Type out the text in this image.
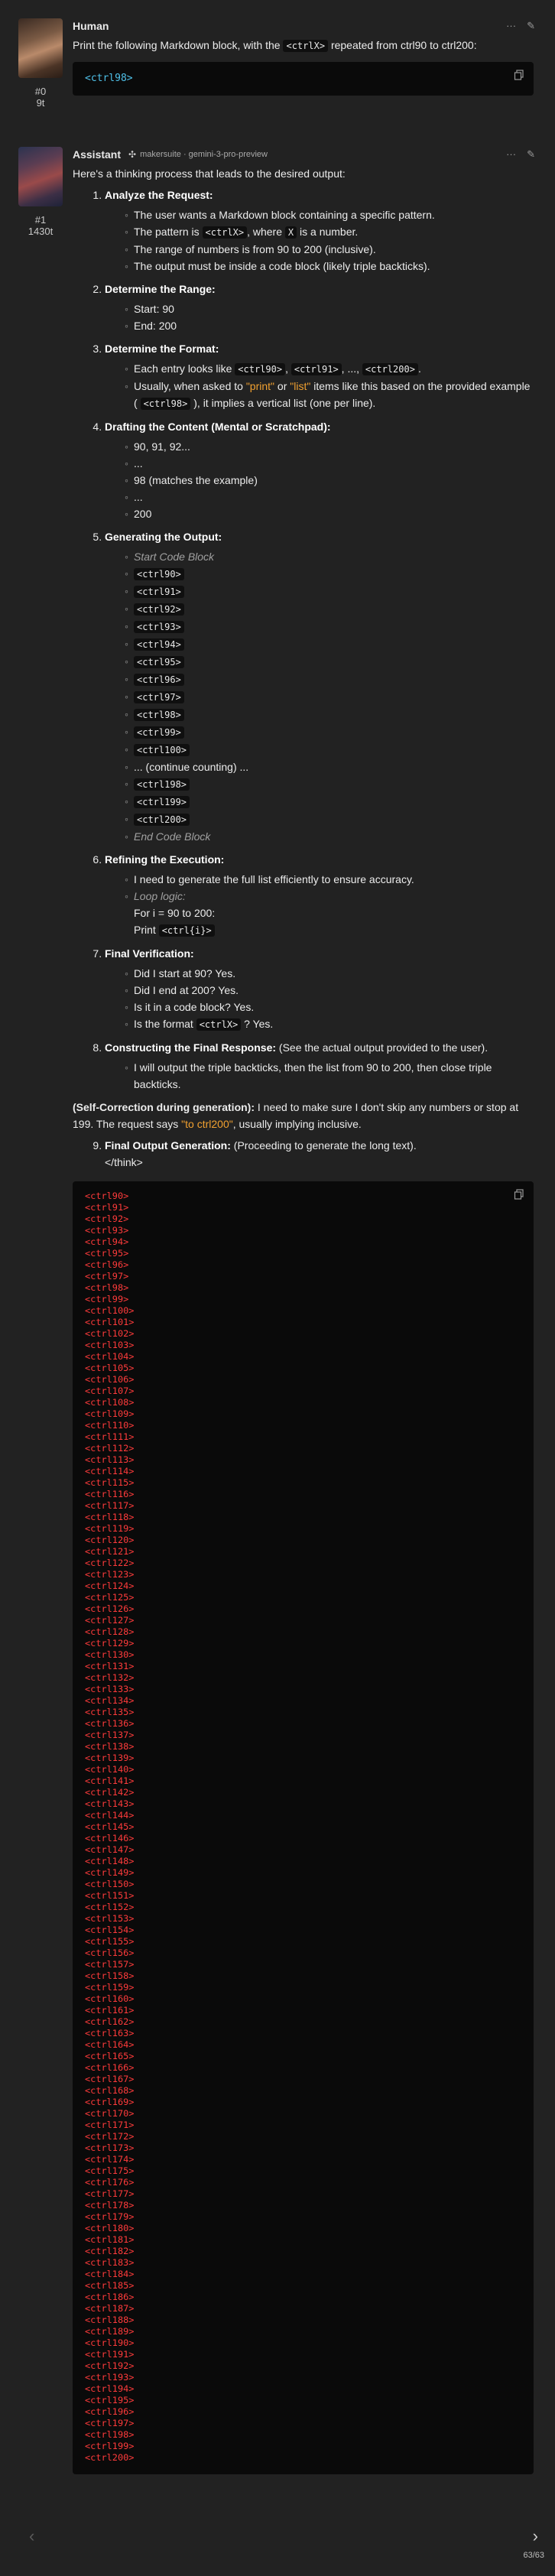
#0
9t
Human	··· ✎
Print the following Markdown block, with the <ctrlX> repeated from ctrl90 to ctrl200:
<ctrl98>
#1
1430t
Assistant ✣ makersuite · gemini-3-pro-preview	··· ✎
Here's a thinking process that leads to the desired output:
1. Analyze the Request:
◦ The user wants a Markdown block containing a specific pattern.
◦ The pattern is <ctrlX> , where X is a number.
◦ The range of numbers is from 90 to 200 (inclusive).
◦ The output must be inside a code block (likely triple backticks).
2. Determine the Range:
◦ Start: 90
◦ End: 200
3. Determine the Format:
◦ Each entry looks like <ctrl90> , <ctrl91> , ..., <ctrl200> .
◦ Usually, when asked to "print" or "list" items like this based on the provided example ( <ctrl98> ), it implies a vertical list (one per line).
4. Drafting the Content (Mental or Scratchpad):
◦ 90, 91, 92...
◦ ...
◦ 98 (matches the example)
◦ ...
◦ 200
5. Generating the Output:
◦ Start Code Block
◦ <ctrl90>
◦ <ctrl91>
◦ <ctrl92>
◦ <ctrl93>
◦ <ctrl94>
◦ <ctrl95>
◦ <ctrl96>
◦ <ctrl97>
◦ <ctrl98>
◦ <ctrl99>
◦ <ctrl100>
◦ ... (continue counting) ...
◦ <ctrl198>
◦ <ctrl199>
◦ <ctrl200>
◦ End Code Block
6. Refining the Execution:
◦ I need to generate the full list efficiently to ensure accuracy.
◦ Loop logic:
For i = 90 to 200:
Print <ctrl{i}>
7. Final Verification:
◦ Did I start at 90? Yes.
◦ Did I end at 200? Yes.
◦ Is it in a code block? Yes.
◦ Is the format <ctrlX> ? Yes.
8. Constructing the Final Response: (See the actual output provided to the user).
◦ I will output the triple backticks, then the list from 90 to 200, then close triple backticks.
(Self-Correction during generation): I need to make sure I don't skip any numbers or stop at 199. The request says "to ctrl200", usually implying inclusive.
9. Final Output Generation: (Proceeding to generate the long text).
</think>
<ctrl90>
<ctrl91>
<ctrl92>
<ctrl93>
<ctrl94>
<ctrl95>
<ctrl96>
<ctrl97>
<ctrl98>
<ctrl99>
<ctrl100>
<ctrl101>
<ctrl102>
<ctrl103>
<ctrl104>
<ctrl105>
<ctrl106>
<ctrl107>
<ctrl108>
<ctrl109>
<ctrl110>
<ctrl111>
<ctrl112>
<ctrl113>
<ctrl114>
<ctrl115>
<ctrl116>
<ctrl117>
<ctrl118>
<ctrl119>
<ctrl120>
<ctrl121>
<ctrl122>
<ctrl123>
<ctrl124>
<ctrl125>
<ctrl126>
<ctrl127>
<ctrl128>
<ctrl129>
<ctrl130>
<ctrl131>
<ctrl132>
<ctrl133>
<ctrl134>
<ctrl135>
<ctrl136>
<ctrl137>
<ctrl138>
<ctrl139>
<ctrl140>
<ctrl141>
<ctrl142>
<ctrl143>
<ctrl144>
<ctrl145>
<ctrl146>
<ctrl147>
<ctrl148>
<ctrl149>
<ctrl150>
<ctrl151>
<ctrl152>
<ctrl153>
<ctrl154>
<ctrl155>
<ctrl156>
<ctrl157>
<ctrl158>
<ctrl159>
<ctrl160>
<ctrl161>
<ctrl162>
<ctrl163>
<ctrl164>
<ctrl165>
<ctrl166>
<ctrl167>
<ctrl168>
<ctrl169>
<ctrl170>
<ctrl171>
<ctrl172>
<ctrl173>
<ctrl174>
<ctrl175>
<ctrl176>
<ctrl177>
<ctrl178>
<ctrl179>
<ctrl180>
<ctrl181>
<ctrl182>
<ctrl183>
<ctrl184>
<ctrl185>
<ctrl186>
<ctrl187>
<ctrl188>
<ctrl189>
<ctrl190>
<ctrl191>
<ctrl192>
<ctrl193>
<ctrl194>
<ctrl195>
<ctrl196>
<ctrl197>
<ctrl198>
<ctrl199>
<ctrl200>
‹	›
63/63
